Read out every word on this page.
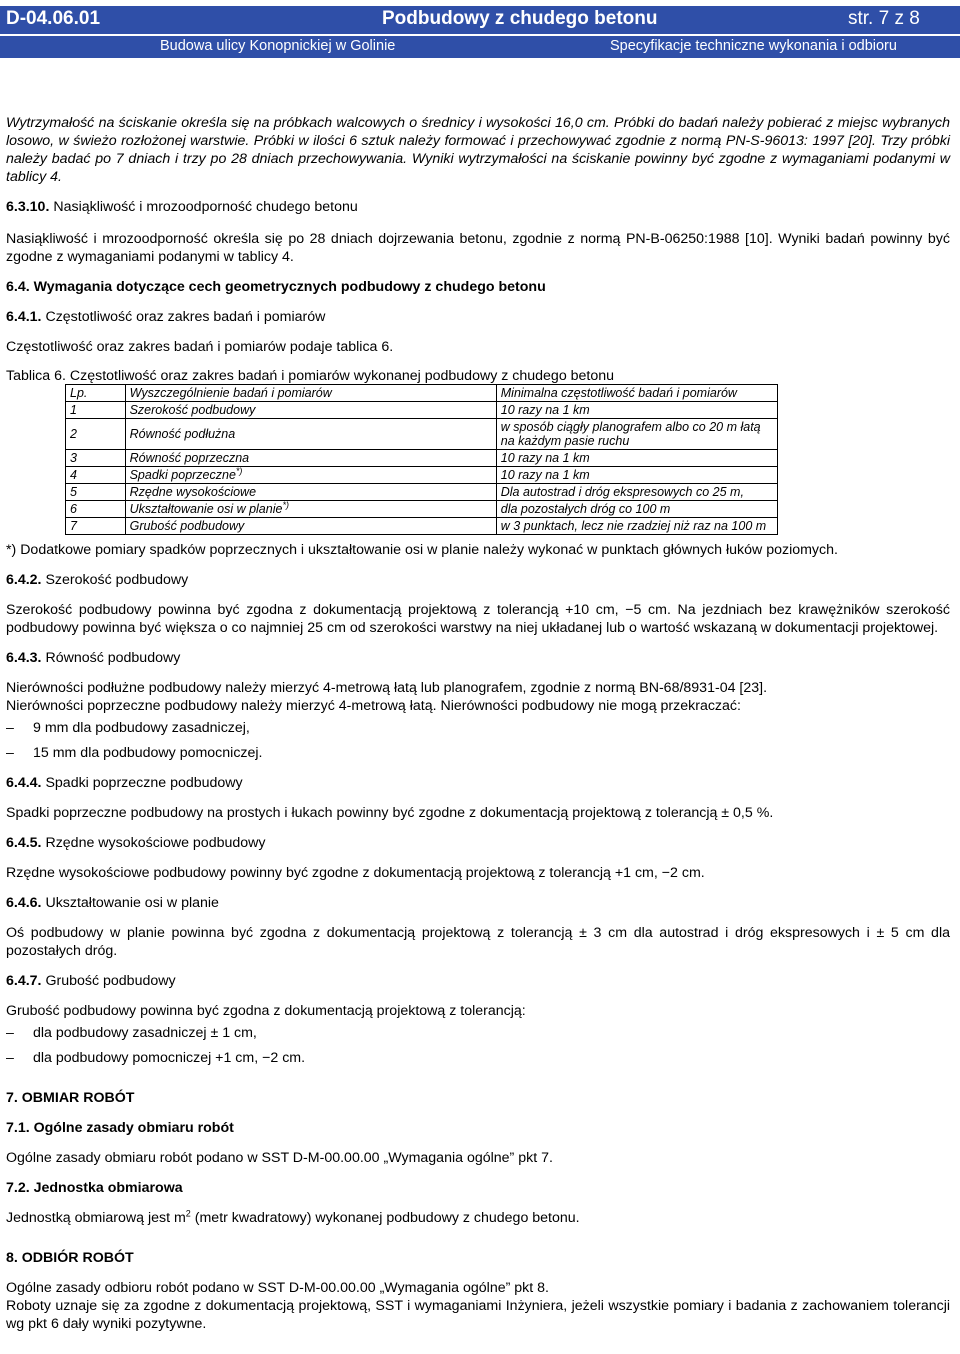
D-04.06.01	Podbudowy z chudego betonu	str. 7 z 8
Budowa ulicy Konopnickiej w Golinie	Specyfikacje techniczne wykonania i odbioru

Wytrzymałość na ściskanie określa się na próbkach walcowych o średnicy i wysokości 16,0 cm. Próbki do badań należy pobierać z miejsc wybranych losowo, w świeżo rozłożonej warstwie. Próbki w ilości 6 sztuk należy formować i przechowywać zgodnie z normą PN-S-96013: 1997 [20]. Trzy próbki należy badać po 7 dniach i trzy po 28 dniach przechowywania. Wyniki wytrzymałości na ściskanie powinny być zgodne z wymaganiami podanymi w tablicy 4.

6.3.10. Nasiąkliwość i mrozoodporność chudego betonu

Nasiąkliwość i mrozoodporność określa się po 28 dniach dojrzewania betonu, zgodnie z normą PN-B-06250:1988 [10]. Wyniki badań powinny być zgodne z wymaganiami podanymi w tablicy 4.

6.4. Wymagania dotyczące cech geometrycznych podbudowy z chudego betonu

6.4.1. Częstotliwość oraz zakres badań i pomiarów

Częstotliwość oraz zakres badań i pomiarów podaje tablica 6.

Tablica 6. Częstotliwość oraz zakres badań i pomiarów wykonanej podbudowy z chudego betonu

Lp.	Wyszczególnienie badań i pomiarów	Minimalna częstotliwość badań i pomiarów
1	Szerokość podbudowy	10 razy na 1 km
2	Równość podłużna	w sposób ciągły planografem albo co 20 m łatą na każdym pasie ruchu
3	Równość poprzeczna	10 razy na 1 km
4	Spadki poprzeczne*)	10 razy na 1 km
5	Rzędne wysokościowe	Dla autostrad i dróg ekspresowych co 25 m,
6	Ukształtowanie osi w planie*)	dla pozostałych dróg co 100 m
7	Grubość podbudowy	w 3 punktach, lecz nie rzadziej niż raz na 100 m

*) Dodatkowe pomiary spadków poprzecznych i ukształtowanie osi w planie należy wykonać w punktach głównych łuków poziomych.

6.4.2. Szerokość podbudowy

Szerokość podbudowy powinna być zgodna z dokumentacją projektową z tolerancją +10 cm, −5 cm. Na jezdniach bez krawężników szerokość podbudowy powinna być większa o co najmniej 25 cm od szerokości warstwy na niej układanej lub o wartość wskazaną w dokumentacji projektowej.

6.4.3. Równość podbudowy

Nierówności podłużne podbudowy należy mierzyć 4-metrową łatą lub planografem, zgodnie z normą BN-68/8931-04 [23].

Nierówności poprzeczne podbudowy należy mierzyć 4-metrową łatą. Nierówności podbudowy nie mogą przekraczać:

–	9 mm dla podbudowy zasadniczej,
–	15 mm dla podbudowy pomocniczej.

6.4.4. Spadki poprzeczne podbudowy

Spadki poprzeczne podbudowy na prostych i łukach powinny być zgodne z dokumentacją projektową z tolerancją ± 0,5 %.

6.4.5. Rzędne wysokościowe podbudowy

Rzędne wysokościowe podbudowy powinny być zgodne z dokumentacją projektową z tolerancją +1 cm, −2 cm.

6.4.6. Ukształtowanie osi w planie

Oś podbudowy w planie powinna być zgodna z dokumentacją projektową z tolerancją ± 3 cm dla autostrad i dróg ekspresowych i ± 5 cm dla pozostałych dróg.

6.4.7. Grubość podbudowy

Grubość podbudowy powinna być zgodna z dokumentacją projektową z tolerancją:

–	dla podbudowy zasadniczej ± 1 cm,
–	dla podbudowy pomocniczej +1 cm, −2 cm.

7. OBMIAR ROBÓT

7.1. Ogólne zasady obmiaru robót

Ogólne zasady obmiaru robót podano w SST D-M-00.00.00 „Wymagania ogólne” pkt 7.

7.2. Jednostka obmiarowa

Jednostką obmiarową jest $m^2$ (metr kwadratowy) wykonanej podbudowy z chudego betonu.

8. ODBIÓR ROBÓT

Ogólne zasady odbioru robót podano w SST D-M-00.00.00 „Wymagania ogólne” pkt 8.

Roboty uznaje się za zgodne z dokumentacją projektową, SST i wymaganiami Inżyniera, jeżeli wszystkie pomiary i badania z zachowaniem tolerancji wg pkt 6 dały wyniki pozytywne.
